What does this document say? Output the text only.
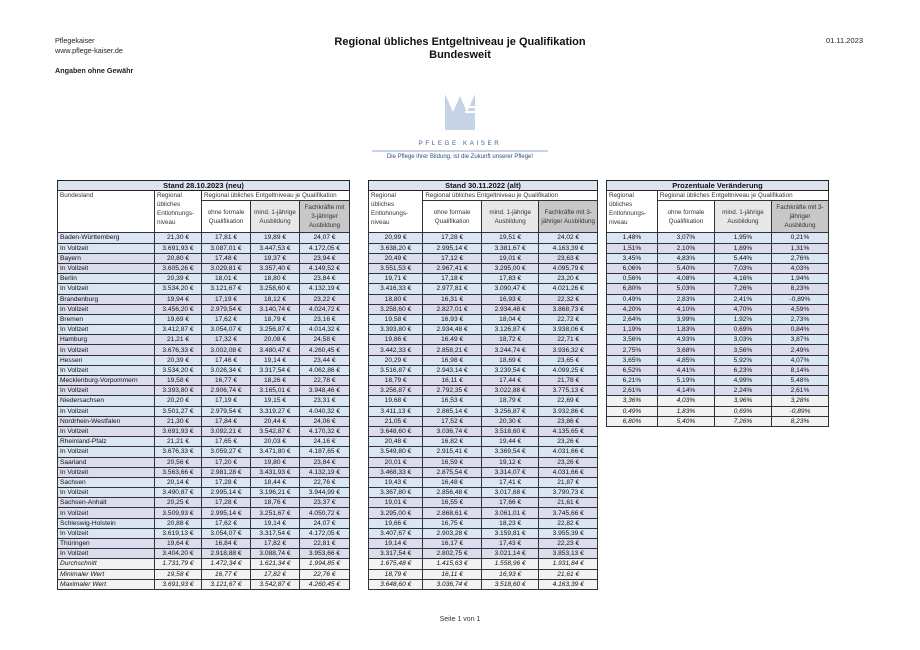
Pflegekaiser
www.pflege-kaiser.de
Angaben ohne Gewähr
Regional übliches Entgeltniveau je Qualifikation
Bundesweit
01.11.2023
PFLEGE KAISER
Die Pflege ihrer Bildung, ist die Zukunft unserer Pflege!
Stand 28.10.2023 (neu)				
Bundesland	Regional übliches Entlohnungs-niveau	Regional übliches Entgeltniveau je Qualifikation		
		ohne formale Qualifikation	mind. 1-jährige Ausbildung	Fachkräfte mit 3-jähriger Ausbildung
Baden-Württemberg	21,30 €	17,81 €	19,89 €	24,07 €
In Vollzeit	3.691,93 €	3.087,01 €	3.447,53 €	4.172,05 €
Bayern	20,80 €	17,48 €	19,37 €	23,94 €
In Vollzeit	3.605,26 €	3.029,81 €	3.357,40 €	4.149,52 €
Berlin	20,39 €	18,01 €	18,80 €	23,84 €
In Vollzeit	3.534,20 €	3.121,67 €	3.258,60 €	4.132,19 €
Brandenburg	19,94 €	17,19 €	18,12 €	23,22 €
In Vollzeit	3.456,20 €	2.979,54 €	3.140,74 €	4.024,72 €
Bremen	19,69 €	17,62 €	18,79 €	23,16 €
In Vollzeit	3.412,87 €	3.054,07 €	3.256,87 €	4.014,32 €
Hamburg	21,21 €	17,32 €	20,08 €	24,58 €
In Vollzeit	3.676,33 €	3.002,08 €	3.480,47 €	4.260,45 €
Hessen	20,39 €	17,46 €	19,14 €	23,44 €
In Vollzeit	3.534,20 €	3.026,34 €	3.317,54 €	4.062,86 €
Mecklenburg-Vorpommern	19,58 €	16,77 €	18,26 €	22,78 €
In Vollzeit	3.393,80 €	2.906,74 €	3.165,01 €	3.948,46 €
Niedersachsen	20,20 €	17,19 €	19,15 €	23,31 €
In Vollzeit	3.501,27 €	2.979,54 €	3.319,27 €	4.040,32 €
Nordrhein-Westfalen	21,30 €	17,84 €	20,44 €	24,06 €
In Vollzeit	3.691,93 €	3.092,21 €	3.542,87 €	4.170,32 €
Rheinland-Pfalz	21,21 €	17,65 €	20,03 €	24,16 €
In Vollzeit	3.676,33 €	3.059,27 €	3.471,80 €	4.187,65 €
Saarland	20,56 €	17,20 €	19,80 €	23,84 €
In Vollzeit	3.563,66 €	2.981,28 €	3.431,93 €	4.132,19 €
Sachsen	20,14 €	17,28 €	18,44 €	22,76 €
In Vollzeit	3.490,87 €	2.995,14 €	3.196,21 €	3.944,99 €
Sachsen-Anhalt	20,25 €	17,28 €	18,76 €	23,37 €
In Vollzeit	3.509,93 €	2.995,14 €	3.251,67 €	4.050,72 €
Schleswig-Holstein	20,88 €	17,62 €	19,14 €	24,07 €
In Vollzeit	3.619,13 €	3.054,07 €	3.317,54 €	4.172,05 €
Thüringen	19,64 €	16,84 €	17,82 €	22,81 €
In Vollzeit	3.404,20 €	2.918,88 €	3.088,74 €	3.953,66 €
Durchschnitt	1.731,79 €	1.472,34 €	1.621,34 €	1.994,85 €
Minimaler Wert	19,58 €	16,77 €	17,82 €	22,76 €
Maximaler Wert	3.691,93 €	3.121,67 €	3.542,87 €	4.260,45 €
Stand 30.11.2022 (alt)			
Regional übliches Entlohnungs-niveau	Regional übliches Entgeltniveau je Qualifikation		
	ohne formale Qualifikation	mind. 1-jährige Ausbildung	Fachkräfte mit 3-jähriger Ausbildung
20,99 €	17,28 €	19,51 €	24,02 €
3.638,20 €	2.995,14 €	3.381,67 €	4.163,39 €
20,49 €	17,12 €	19,01 €	23,63 €
3.551,53 €	2.967,41 €	3.295,00 €	4.095,79 €
19,71 €	17,18 €	17,83 €	23,20 €
3.416,33 €	2.977,81 €	3.090,47 €	4.021,26 €
18,80 €	16,31 €	16,93 €	22,32 €
3.258,60 €	2.827,01 €	2.934,48 €	3.868,73 €
19,58 €	16,93 €	18,04 €	22,72 €
3.393,80 €	2.934,48 €	3.126,87 €	3.938,06 €
19,86 €	16,49 €	18,72 €	22,71 €
3.442,33 €	2.858,21 €	3.244,74 €	3.936,32 €
20,29 €	16,98 €	18,69 €	23,65 €
3.516,87 €	2.943,14 €	3.239,54 €	4.099,25 €
18,79 €	16,11 €	17,44 €	21,78 €
3.256,87 €	2.792,35 €	3.022,88 €	3.775,13 €
19,68 €	16,53 €	18,79 €	22,69 €
3.411,13 €	2.865,14 €	3.256,87 €	3.932,86 €
21,05 €	17,52 €	20,30 €	23,86 €
3.648,60 €	3.036,74 €	3.518,60 €	4.135,65 €
20,48 €	16,82 €	19,44 €	23,26 €
3.549,80 €	2.915,41 €	3.369,54 €	4.031,66 €
20,01 €	16,59 €	19,12 €	23,26 €
3.468,33 €	2.875,54 €	3.314,07 €	4.031,66 €
19,43 €	16,48 €	17,41 €	21,87 €
3.367,80 €	2.856,48 €	3.017,68 €	3.790,73 €
19,01 €	16,55 €	17,66 €	21,61 €
3.295,00 €	2.868,61 €	3.061,01 €	3.745,66 €
19,66 €	16,75 €	18,23 €	22,82 €
3.407,67 €	2.903,28 €	3.159,81 €	3.955,39 €
19,14 €	16,17 €	17,43 €	22,23 €
3.317,54 €	2.802,75 €	3.021,14 €	3.853,13 €
1.675,48 €	1.415,63 €	1.558,96 €	1.931,84 €
18,79 €	16,11 €	16,93 €	21,61 €
3.648,60 €	3.036,74 €	3.518,60 €	4.163,39 €
Prozentuale Veränderung			
Regional übliches Entlohnungs-niveau	Regional übliches Entgeltniveau je Qualifikation		
	ohne formale Qualifikation	mind. 1-jährige Ausbildung	Fachkräfte mit 3-jähriger Ausbildung
1,48%	3,07%	1,95%	0,21%

1,51%	2,10%	1,89%	1,31%

3,45%	4,83%	5,44%	2,76%

6,06%	5,40%	7,03%	4,03%

0,56%	4,08%	4,16%	1,94%

6,80%	5,03%	7,26%	8,23%

0,49%	2,83%	2,41%	-0,89%

4,20%	4,10%	4,70%	4,59%

2,64%	3,99%	1,92%	2,73%

1,19%	1,83%	0,69%	0,84%

3,56%	4,93%	3,03%	3,87%

2,75%	3,68%	3,56%	2,49%

3,65%	4,85%	5,92%	4,07%

6,52%	4,41%	6,23%	8,14%

6,21%	5,19%	4,99%	5,48%

2,61%	4,14%	2,24%	2,61%

3,36%	4,03%	3,96%	3,28%
0,49%	1,83%	0,69%	-0,89%
6,80%	5,40%	7,26%	8,23%
Seite 1 von 1
